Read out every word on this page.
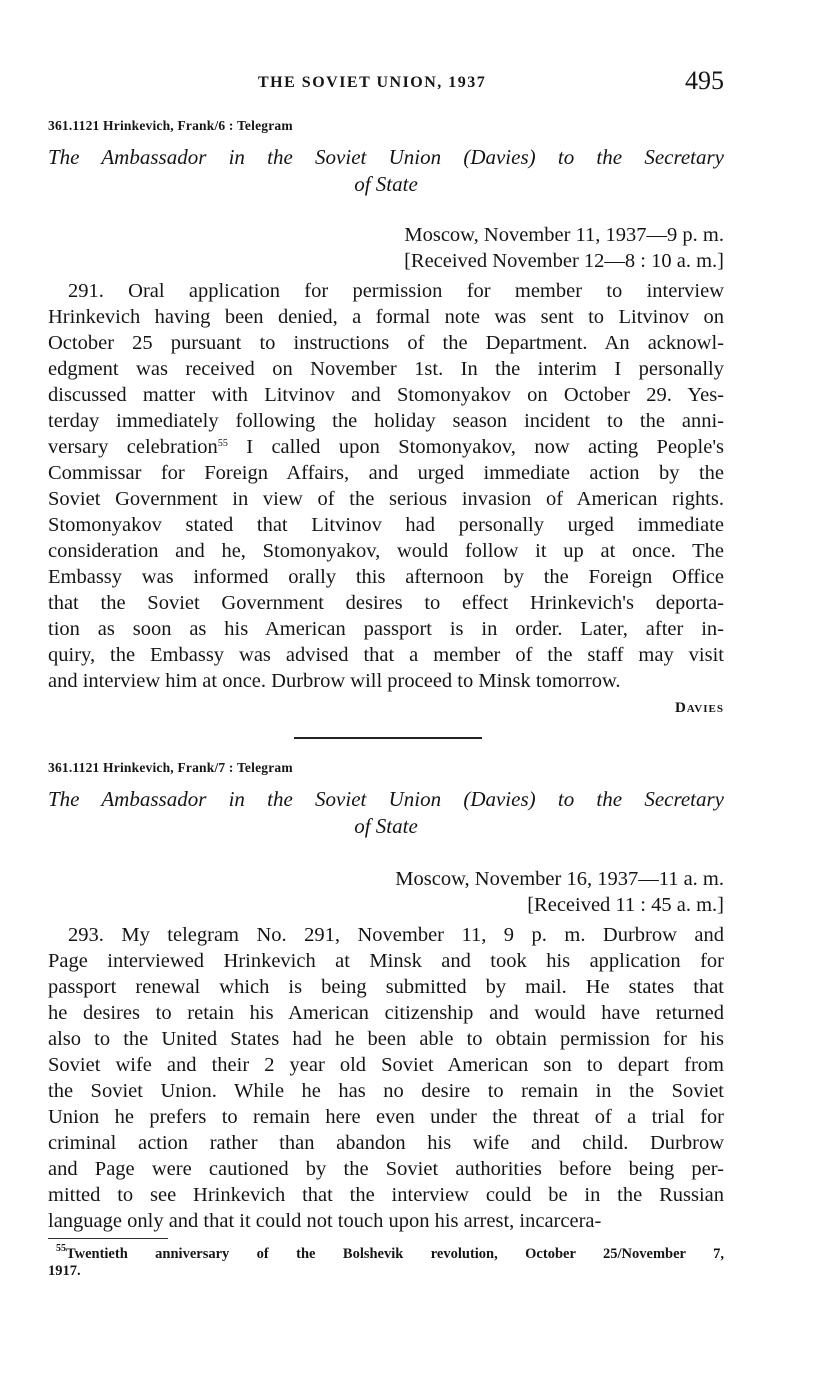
THE SOVIET UNION, 1937	495
361.1121 Hrinkevich, Frank/6 : Telegram
The Ambassador in the Soviet Union (Davies) to the Secretary
of State
Moscow, November 11, 1937—9 p. m.
[Received November 12—8 : 10 a. m.]
291. Oral application for permission for member to interview
Hrinkevich having been denied, a formal note was sent to Litvinov on
October 25 pursuant to instructions of the Department. An acknowl-
edgment was received on November 1st. In the interim I personally
discussed matter with Litvinov and Stomonyakov on October 29. Yes-
terday immediately following the holiday season incident to the anni-
versary celebration$^{55}$ I called upon Stomonyakov, now acting People's
Commissar for Foreign Affairs, and urged immediate action by the
Soviet Government in view of the serious invasion of American rights.
Stomonyakov stated that Litvinov had personally urged immediate
consideration and he, Stomonyakov, would follow it up at once. The
Embassy was informed orally this afternoon by the Foreign Office
that the Soviet Government desires to effect Hrinkevich's deporta-
tion as soon as his American passport is in order. Later, after in-
quiry, the Embassy was advised that a member of the staff may visit
and interview him at once. Durbrow will proceed to Minsk tomorrow.
Davies
361.1121 Hrinkevich, Frank/7 : Telegram
The Ambassador in the Soviet Union (Davies) to the Secretary
of State
Moscow, November 16, 1937—11 a. m.
[Received 11 : 45 a. m.]
293. My telegram No. 291, November 11, 9 p. m. Durbrow and
Page interviewed Hrinkevich at Minsk and took his application for
passport renewal which is being submitted by mail. He states that
he desires to retain his American citizenship and would have returned
also to the United States had he been able to obtain permission for his
Soviet wife and their 2 year old Soviet American son to depart from
the Soviet Union. While he has no desire to remain in the Soviet
Union he prefers to remain here even under the threat of a trial for
criminal action rather than abandon his wife and child. Durbrow
and Page were cautioned by the Soviet authorities before being per-
mitted to see Hrinkevich that the interview could be in the Russian
language only and that it could not touch upon his arrest, incarcera-
$^{55}$Twentieth anniversary of the Bolshevik revolution, October 25/November 7,
1917.
